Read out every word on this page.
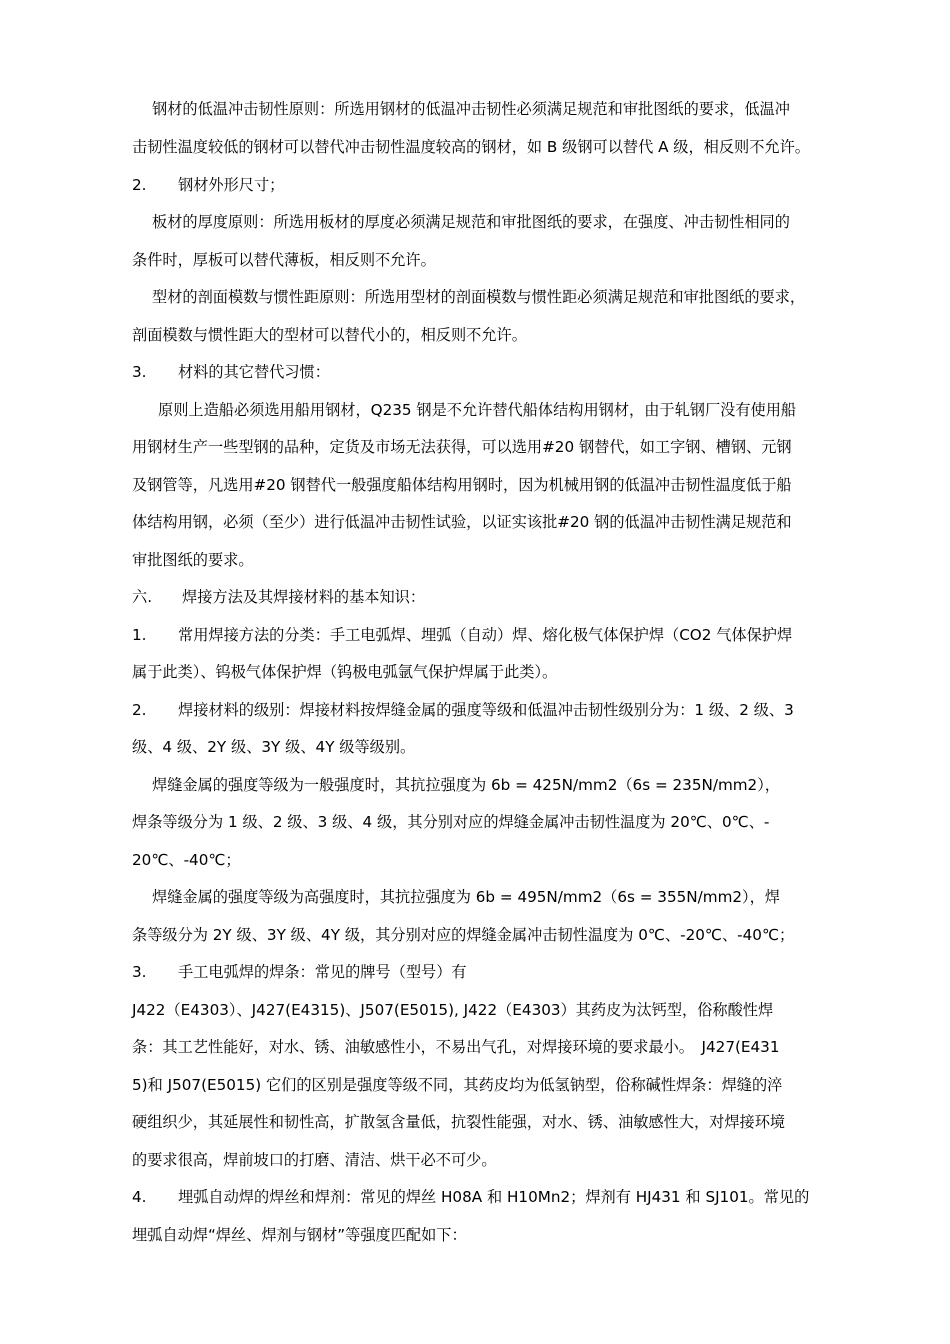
钢材的低温冲击韧性原则：所选用钢材的低温冲击韧性必须满足规范和审批图纸的要求，低温冲

击韧性温度较低的钢材可以替代冲击韧性温度较高的钢材，如 B 级钢可以替代 A 级，相反则不允许。

2. 钢材外形尺寸；

板材的厚度原则：所选用板材的厚度必须满足规范和审批图纸的要求，在强度、冲击韧性相同的

条件时，厚板可以替代薄板，相反则不允许。

型材的剖面模数与惯性距原则：所选用型材的剖面模数与惯性距必须满足规范和审批图纸的要求，

剖面模数与惯性距大的型材可以替代小的，相反则不允许。

3. 材料的其它替代习惯：

原则上造船必须选用船用钢材，Q235 钢是不允许替代船体结构用钢材，由于轧钢厂没有使用船

用钢材生产一些型钢的品种，定货及市场无法获得，可以选用#20 钢替代，如工字钢、槽钢、元钢

及钢管等，凡选用#20 钢替代一般强度船体结构用钢时，因为机械用钢的低温冲击韧性温度低于船

体结构用钢，必须（至少）进行低温冲击韧性试验，以证实该批#20 钢的低温冲击韧性满足规范和

审批图纸的要求。

六. 焊接方法及其焊接材料的基本知识：

1. 常用焊接方法的分类：手工电弧焊、埋弧（自动）焊、熔化极气体保护焊（CO2 气体保护焊

属于此类）、钨极气体保护焊（钨极电弧氩气保护焊属于此类）。

2. 焊接材料的级别：焊接材料按焊缝金属的强度等级和低温冲击韧性级别分为：1 级、2 级、3

级、4 级、2Y 级、3Y 级、4Y 级等级别。

焊缝金属的强度等级为一般强度时，其抗拉强度为 6b = 425N/mm2（6s = 235N/mm2），

焊条等级分为 1 级、2 级、3 级、4 级，其分别对应的焊缝金属冲击韧性温度为 20℃、0℃、-

20℃、-40℃；

焊缝金属的强度等级为高强度时，其抗拉强度为 6b = 495N/mm2（6s = 355N/mm2），焊

条等级分为 2Y 级、3Y 级、4Y 级，其分别对应的焊缝金属冲击韧性温度为 0℃、-20℃、-40℃；

3. 手工电弧焊的焊条：常见的牌号（型号）有

J422（E4303）、J427(E4315)、J507(E5015), J422（E4303）其药皮为汰钙型，俗称酸性焊

条：其工艺性能好，对水、锈、油敏感性小，不易出气孔，对焊接环境的要求最小。　J427(E431

5)和 J507(E5015) 它们的区别是强度等级不同，其药皮均为低氢钠型，俗称碱性焊条：焊缝的淬

硬组织少，其延展性和韧性高，扩散氢含量低，抗裂性能强，对水、锈、油敏感性大，对焊接环境

的要求很高，焊前坡口的打磨、清洁、烘干必不可少。

4. 埋弧自动焊的焊丝和焊剂：常见的焊丝 H08A 和 H10Mn2；焊剂有 HJ431 和 SJ101。常见的

埋弧自动焊“焊丝、焊剂与钢材”等强度匹配如下：
